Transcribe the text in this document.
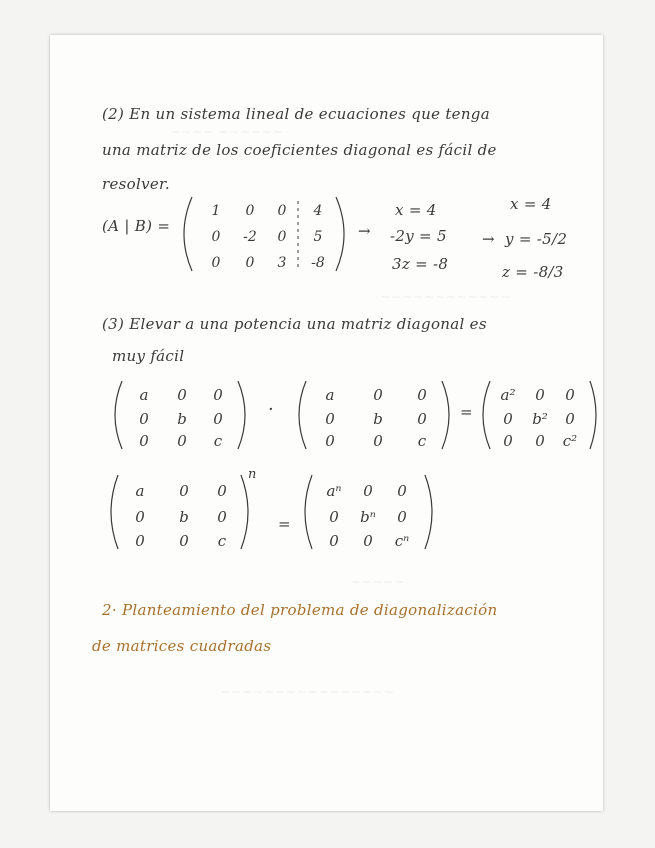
~~~~ ~~~~~~
~~~~~~~~~~~~
~~~~~
~~~~~~~~~~~~~~~~
(2) En un sistema lineal de ecuaciones que tenga
una matriz de los coeficientes diagonal es fácil de
resolver.
(A | B) =
1 0 0 4
0 -2 0 5
0 0 3 -8
→
x = 4
-2y = 5
3z = -8
→
x = 4
y = -5/2
z = -8/3
(3) Elevar a una potencia una matriz diagonal es
muy fácil
a 0 0
0 b 0
0 0 c
·
a	0 0
0	b 0
0	0 c
=
a² 0 0
0 b² 0
0 0 c²
a 0 0
0 b 0
0 0 c
n
=
aⁿ 0 0
0 bⁿ 0
0 0 cⁿ
2· Planteamiento del problema de diagonalización
de matrices cuadradas
